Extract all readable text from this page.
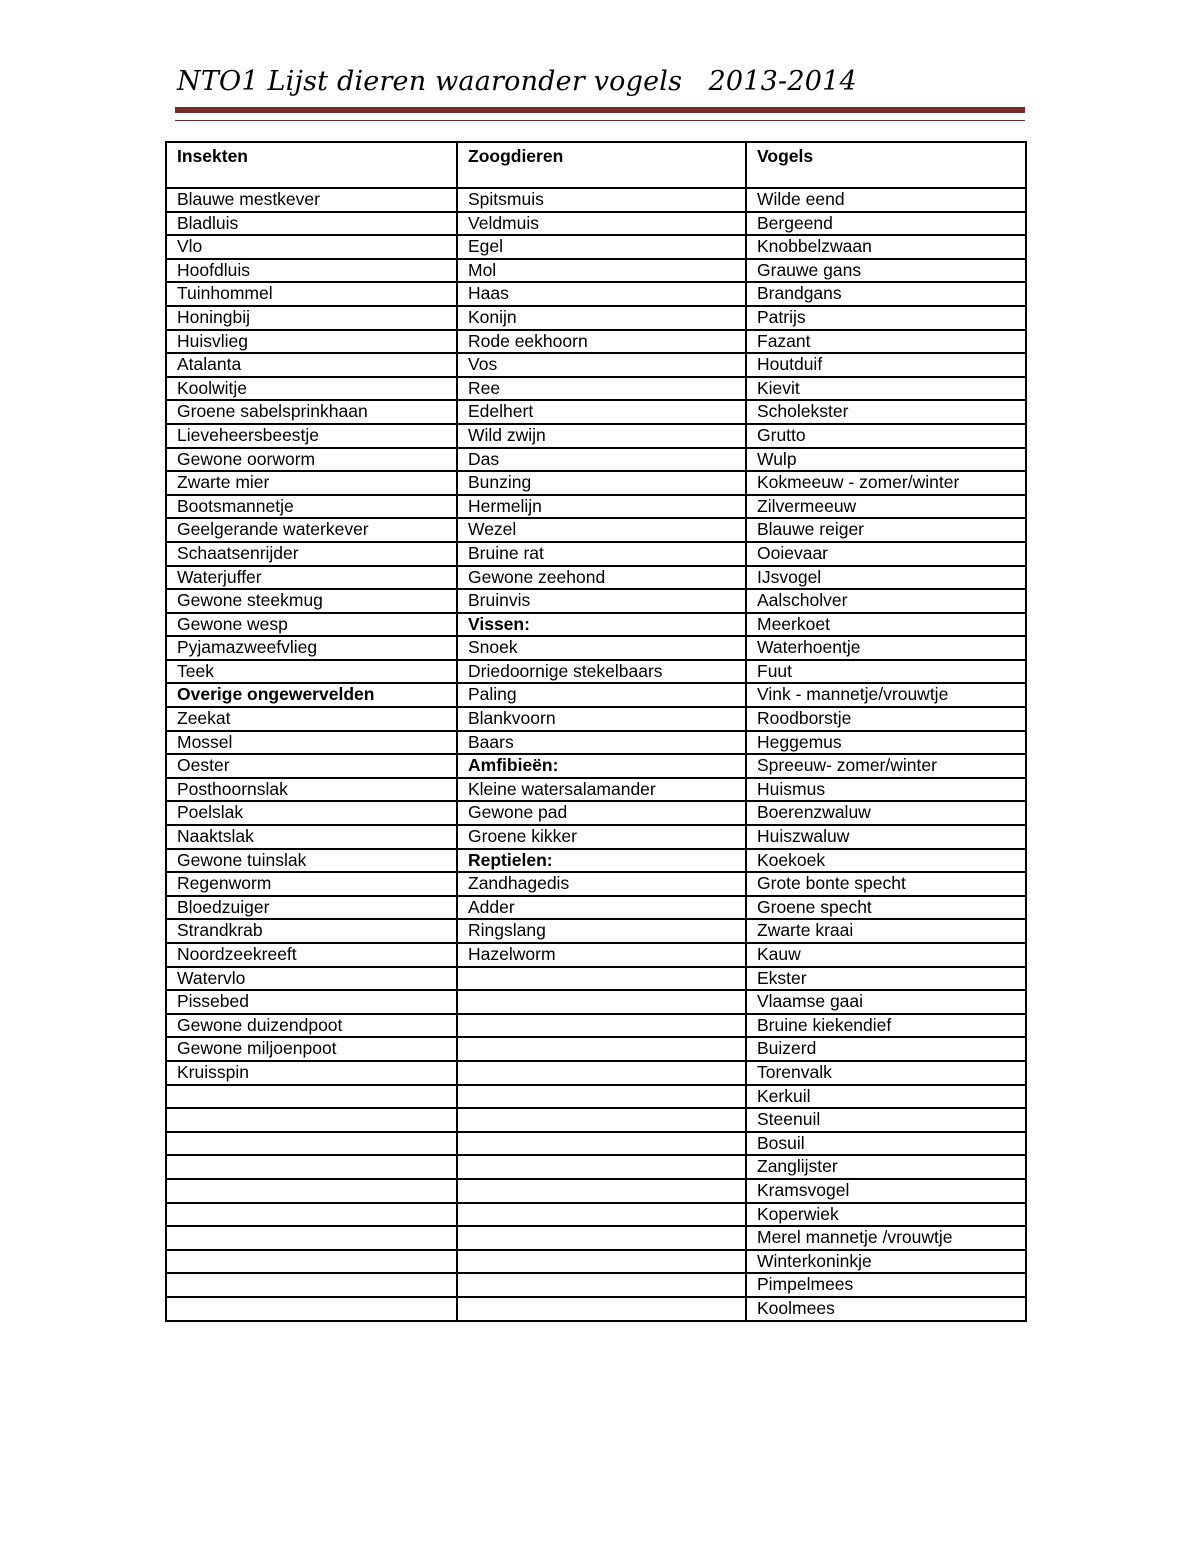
NTO1 Lijst dieren waaronder vogels   2013-2014
Insekten	Zoogdieren	Vogels
Blauwe mestkever	Spitsmuis	Wilde eend
Bladluis	Veldmuis	Bergeend
Vlo	Egel	Knobbelzwaan
Hoofdluis	Mol	Grauwe gans
Tuinhommel	Haas	Brandgans
Honingbij	Konijn	Patrijs
Huisvlieg	Rode eekhoorn	Fazant
Atalanta	Vos	Houtduif
Koolwitje	Ree	Kievit
Groene sabelsprinkhaan	Edelhert	Scholekster
Lieveheersbeestje	Wild zwijn	Grutto
Gewone oorworm	Das	Wulp
Zwarte mier	Bunzing	Kokmeeuw - zomer/winter
Bootsmannetje	Hermelijn	Zilvermeeuw
Geelgerande waterkever	Wezel	Blauwe reiger
Schaatsenrijder	Bruine rat	Ooievaar
Waterjuffer	Gewone zeehond	IJsvogel
Gewone steekmug	Bruinvis	Aalscholver
Gewone wesp	Vissen:	Meerkoet
Pyjamazweefvlieg	Snoek	Waterhoentje
Teek	Driedoornige stekelbaars	Fuut
Overige ongewervelden	Paling	Vink - mannetje/vrouwtje
Zeekat	Blankvoorn	Roodborstje
Mossel	Baars	Heggemus
Oester	Amfibieën:	Spreeuw- zomer/winter
Posthoornslak	Kleine watersalamander	Huismus
Poelslak	Gewone pad	Boerenzwaluw
Naaktslak	Groene kikker	Huiszwaluw
Gewone tuinslak	Reptielen:	Koekoek
Regenworm	Zandhagedis	Grote bonte specht
Bloedzuiger	Adder	Groene specht
Strandkrab	Ringslang	Zwarte kraai
Noordzeekreeft	Hazelworm	Kauw
Watervlo		Ekster
Pissebed		Vlaamse gaai
Gewone duizendpoot		Bruine kiekendief
Gewone miljoenpoot		Buizerd
Kruisspin		Torenvalk
		Kerkuil
		Steenuil
		Bosuil
		Zanglijster
		Kramsvogel
		Koperwiek
		Merel mannetje /vrouwtje
		Winterkoninkje
		Pimpelmees
		Koolmees
